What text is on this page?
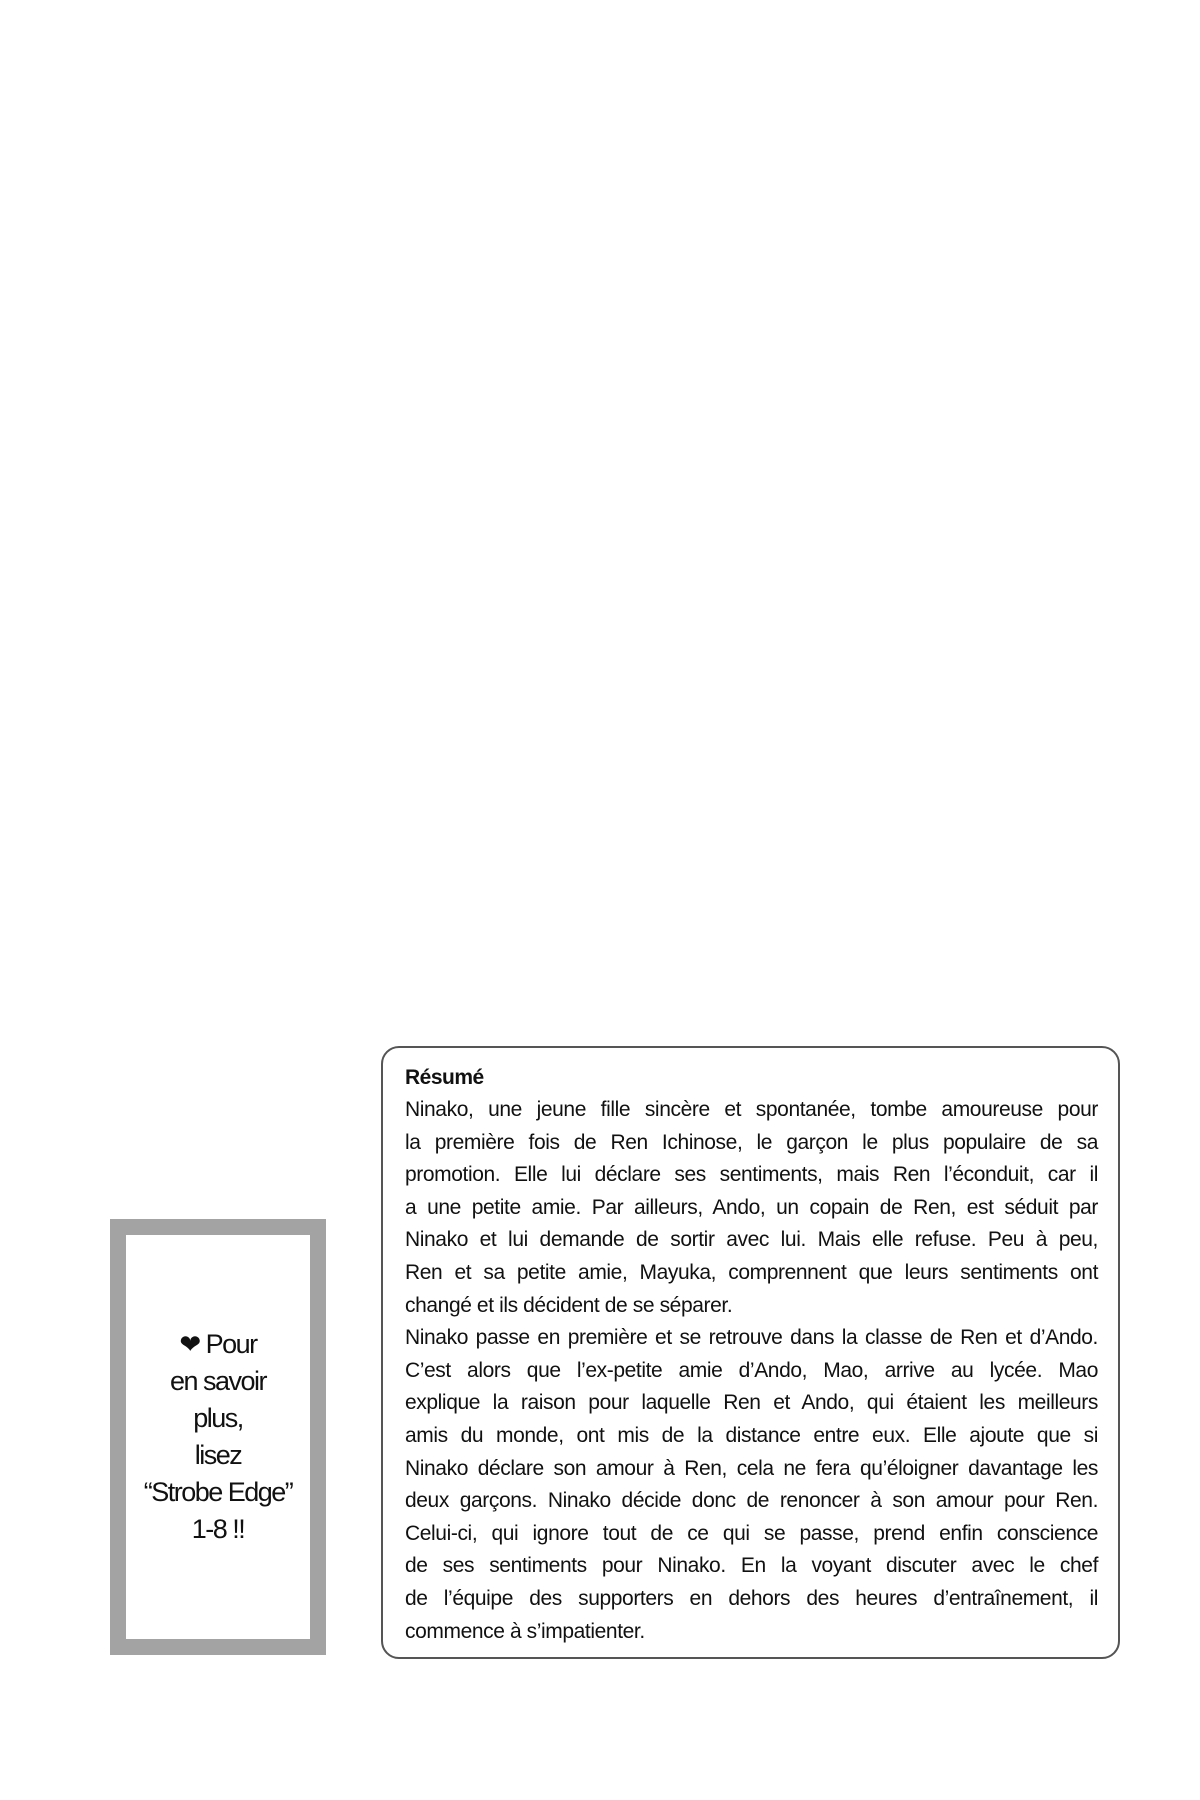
❤ Pour
en savoir
plus,
lisez
“Strobe Edge”
1-8 !!
Résumé
Ninako, une jeune fille sincère et spontanée, tombe amoureuse pour
la première fois de Ren Ichinose, le garçon le plus populaire de sa
promotion. Elle lui déclare ses sentiments, mais Ren l’éconduit, car il
a une petite amie. Par ailleurs, Ando, un copain de Ren, est séduit par
Ninako et lui demande de sortir avec lui. Mais elle refuse. Peu à peu,
Ren et sa petite amie, Mayuka, comprennent que leurs sentiments ont
changé et ils décident de se séparer.
Ninako passe en première et se retrouve dans la classe de Ren et d’Ando.
C’est alors que l’ex-petite amie d’Ando, Mao, arrive au lycée. Mao
explique la raison pour laquelle Ren et Ando, qui étaient les meilleurs
amis du monde, ont mis de la distance entre eux. Elle ajoute que si
Ninako déclare son amour à Ren, cela ne fera qu’éloigner davantage les
deux garçons. Ninako décide donc de renoncer à son amour pour Ren.
Celui-ci, qui ignore tout de ce qui se passe, prend enfin conscience
de ses sentiments pour Ninako. En la voyant discuter avec le chef
de l’équipe des supporters en dehors des heures d’entraînement, il
commence à s’impatienter.
